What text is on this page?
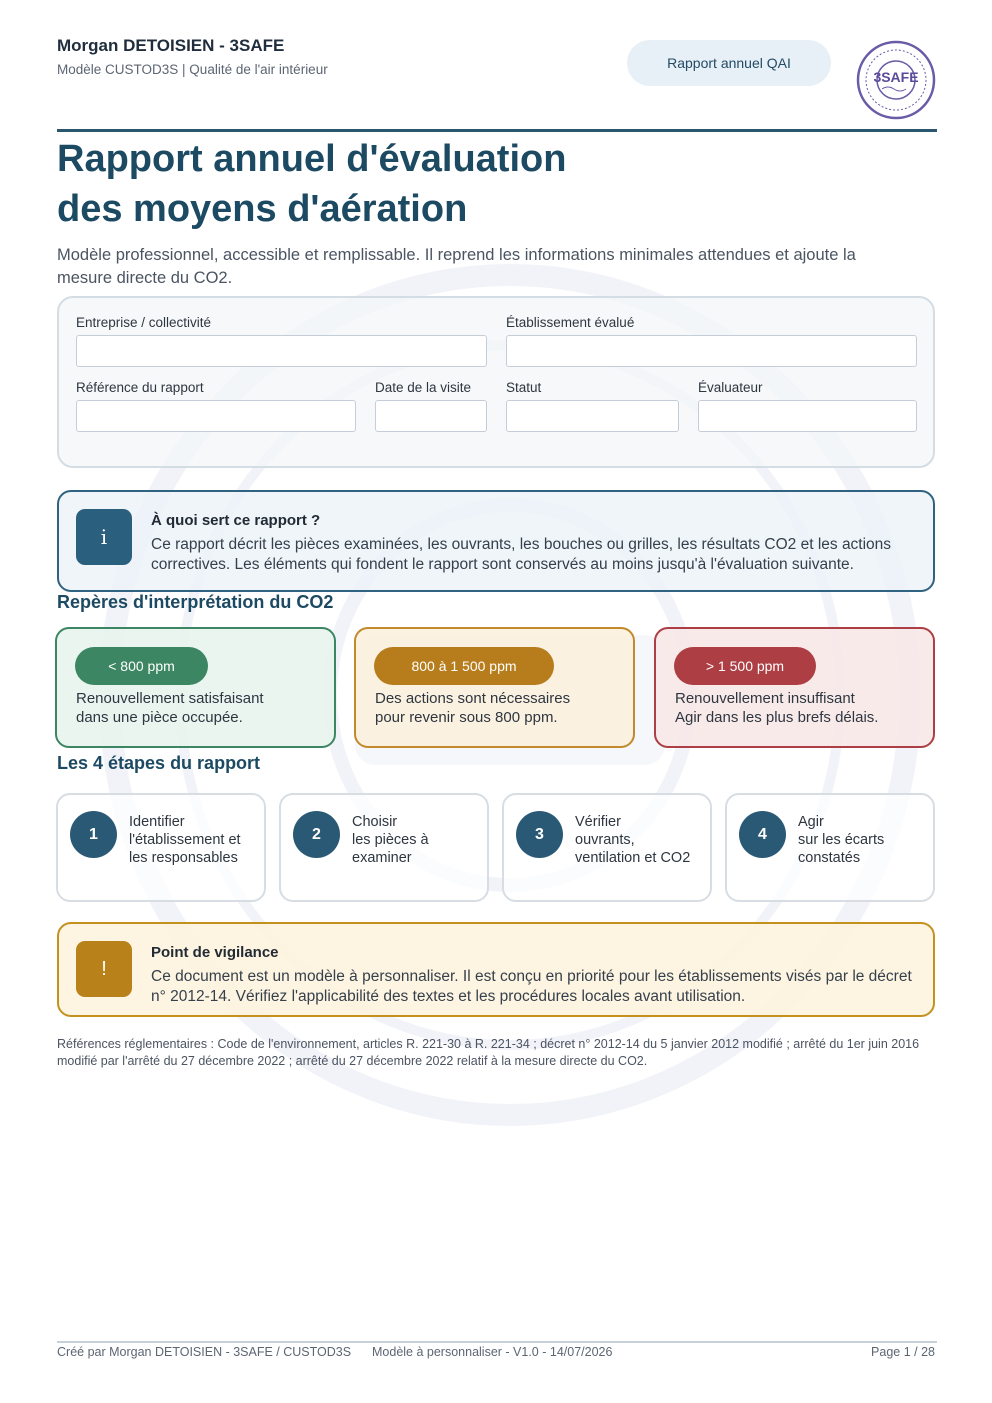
Morgan DETOISIEN - 3SAFE
Modèle CUSTOD3S | Qualité de l'air intérieur	Rapport annuel QAI
3SAFE
Rapport annuel d'évaluation
des moyens d'aération
Modèle professionnel, accessible et remplissable. Il reprend les informations minimales attendues et ajoute la mesure directe du CO2.
Entreprise / collectivité	Établissement évalué
Référence du rapport	Date de la visite	Statut	Évaluateur
i
À quoi sert ce rapport ?
Ce rapport décrit les pièces examinées, les ouvrants, les bouches ou grilles, les résultats CO2 et les actions correctives. Les éléments qui fondent le rapport sont conservés au moins jusqu'à l'évaluation suivante.
Repères d'interprétation du CO2
< 800 ppm
Renouvellement satisfaisant
dans une pièce occupée.
800 à 1 500 ppm
Des actions sont nécessaires
pour revenir sous 800 ppm.
> 1 500 ppm
Renouvellement insuffisant
Agir dans les plus brefs délais.
Les 4 étapes du rapport
1
Identifier
l'établissement et
les responsables
2
Choisir
les pièces à
examiner
3
Vérifier
ouvrants,
ventilation et CO2
4
Agir
sur les écarts
constatés
!
Point de vigilance
Ce document est un modèle à personnaliser. Il est conçu en priorité pour les établissements visés par le décret n° 2012-14. Vérifiez l'applicabilité des textes et les procédures locales avant utilisation.
Références réglementaires : Code de l'environnement, articles R. 221-30 à R. 221-34 ; décret n° 2012-14 du 5 janvier 2012 modifié ; arrêté du 1er juin 2016 modifié par l'arrêté du 27 décembre 2022 ; arrêté du 27 décembre 2022 relatif à la mesure directe du CO2.
Créé par Morgan DETOISIEN - 3SAFE / CUSTOD3S Modèle à personnaliser - V1.0 - 14/07/2026	Page 1 / 28
